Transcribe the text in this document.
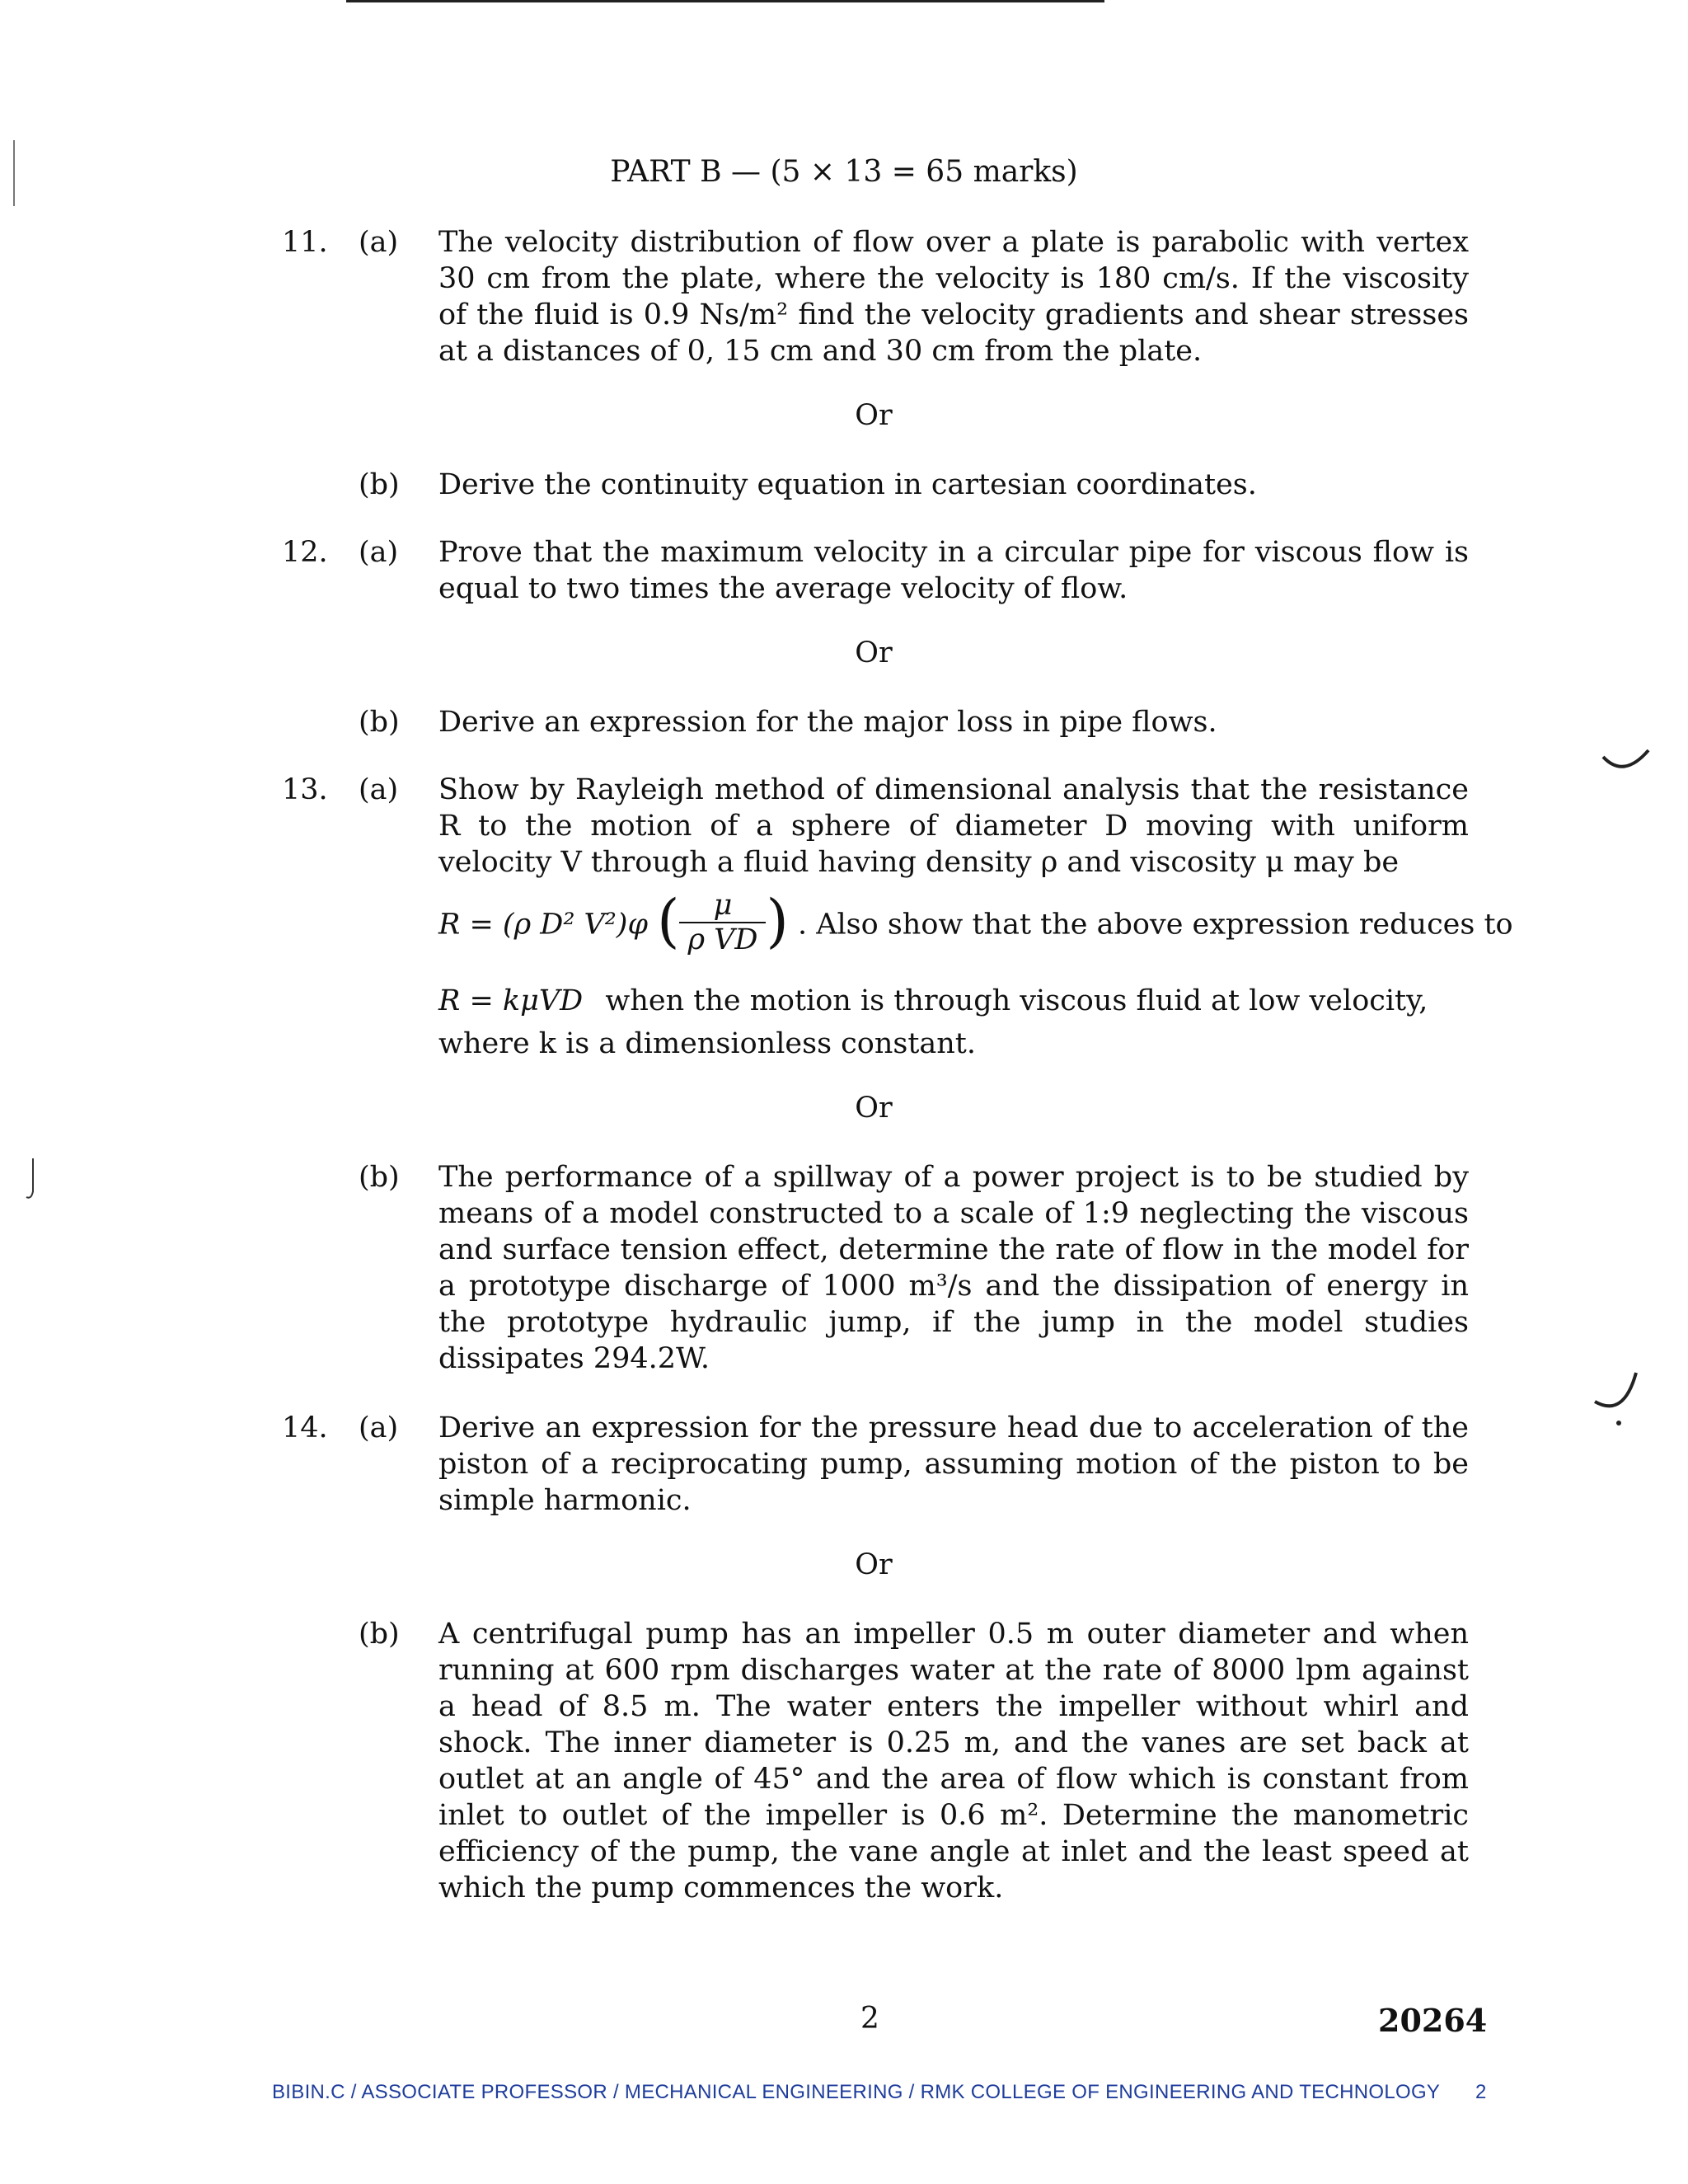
PART B — (5 × 13 = 65 marks)
11. (a) The velocity distribution of flow over a plate is parabolic with vertex 30 cm from the plate, where the velocity is 180 cm/s. If the viscosity of the fluid is 0.9 Ns/m² find the velocity gradients and shear stresses at a distances of 0, 15 cm and 30 cm from the plate.
Or
(b) Derive the continuity equation in cartesian coordinates.
12. (a) Prove that the maximum velocity in a circular pipe for viscous flow is equal to two times the average velocity of flow.
Or
(b) Derive an expression for the major loss in pipe flows.
13. (a) Show by Rayleigh method of dimensional analysis that the resistance R to the motion of a sphere of diameter D moving with uniform velocity V through a fluid having density ρ and viscosity μ may be
R = (ρ D² V²)φ ( $\frac{\mu}{\text{ρ VD}}$ ) . Also show that the above expression reduces to
R = kμVD when the motion is through viscous fluid at low velocity,
where k is a dimensionless constant.
Or
(b) The performance of a spillway of a power project is to be studied by means of a model constructed to a scale of 1:9 neglecting the viscous and surface tension effect, determine the rate of flow in the model for a prototype discharge of 1000 m³/s and the dissipation of energy in the prototype hydraulic jump, if the jump in the model studies dissipates 294.2W.
14. (a) Derive an expression for the pressure head due to acceleration of the piston of a reciprocating pump, assuming motion of the piston to be simple harmonic.
Or
(b) A centrifugal pump has an impeller 0.5 m outer diameter and when running at 600 rpm discharges water at the rate of 8000 lpm against a head of 8.5 m. The water enters the impeller without whirl and shock. The inner diameter is 0.25 m, and the vanes are set back at outlet at an angle of 45° and the area of flow which is constant from inlet to outlet of the impeller is 0.6 m². Determine the manometric efficiency of the pump, the vane angle at inlet and the least speed at which the pump commences the work.
2	20264
BIBIN.C / ASSOCIATE PROFESSOR / MECHANICAL ENGINEERING / RMK COLLEGE OF ENGINEERING AND TECHNOLOGY 2
